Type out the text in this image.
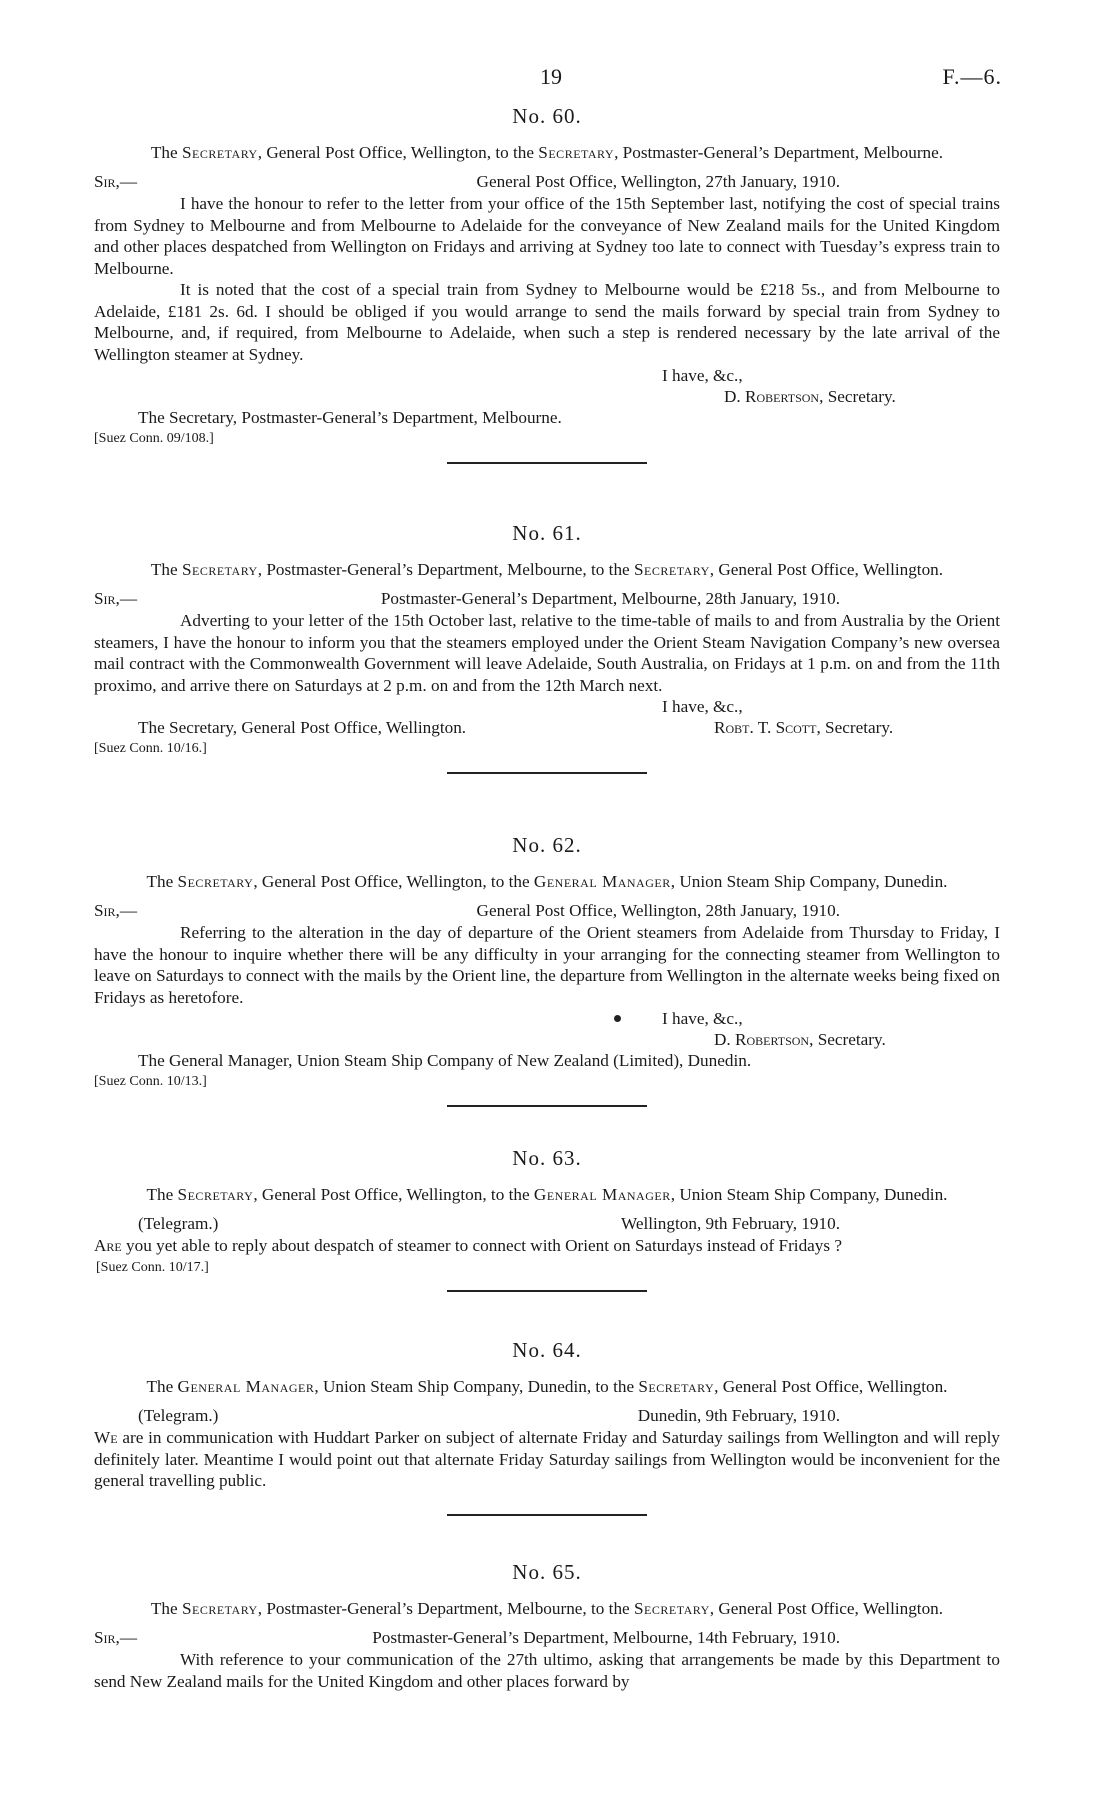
19	F.—6.
No. 60.

The Secretary, General Post Office, Wellington, to the Secretary, Postmaster-General’s Department, Melbourne.

Sir,—	General Post Office, Wellington, 27th January, 1910.

I have the honour to refer to the letter from your office of the 15th September last, notifying the cost of special trains from Sydney to Melbourne and from Melbourne to Adelaide for the conveyance of New Zealand mails for the United Kingdom and other places despatched from Wellington on Fridays and arriving at Sydney too late to connect with Tuesday’s express train to Melbourne.

It is noted that the cost of a special train from Sydney to Melbourne would be £218 5s., and from Melbourne to Adelaide, £181 2s. 6d. I should be obliged if you would arrange to send the mails forward by special train from Sydney to Melbourne, and, if required, from Melbourne to Adelaide, when such a step is rendered necessary by the late arrival of the Wellington steamer at Sydney.

I have, &c.,
D. Robertson, Secretary.
The Secretary, Postmaster-General’s Department, Melbourne.

[Suez Conn. 09/108.]

No. 61.

The Secretary, Postmaster-General’s Department, Melbourne, to the Secretary, General Post Office, Wellington.

Sir,—	Postmaster-General’s Department, Melbourne, 28th January, 1910.

Adverting to your letter of the 15th October last, relative to the time-table of mails to and from Australia by the Orient steamers, I have the honour to inform you that the steamers employed under the Orient Steam Navigation Company’s new oversea mail contract with the Commonwealth Government will leave Adelaide, South Australia, on Fridays at 1 p.m. on and from the 11th proximo, and arrive there on Saturdays at 2 p.m. on and from the 12th March next.

I have, &c.,
The Secretary, General Post Office, Wellington.	Robt. T. Scott, Secretary.

[Suez Conn. 10/16.]

No. 62.

The Secretary, General Post Office, Wellington, to the General Manager, Union Steam Ship Company, Dunedin.

Sir,—	General Post Office, Wellington, 28th January, 1910.

Referring to the alteration in the day of departure of the Orient steamers from Adelaide from Thursday to Friday, I have the honour to inquire whether there will be any difficulty in your arranging for the connecting steamer from Wellington to leave on Saturdays to connect with the mails by the Orient line, the departure from Wellington in the alternate weeks being fixed on Fridays as heretofore.

I have, &c.,
D. Robertson, Secretary.
The General Manager, Union Steam Ship Company of New Zealand (Limited), Dunedin.

[Suez Conn. 10/13.]

No. 63.

The Secretary, General Post Office, Wellington, to the General Manager, Union Steam Ship Company, Dunedin.

(Telegram.)	Wellington, 9th February, 1910.

Are you yet able to reply about despatch of steamer to connect with Orient on Saturdays instead of Fridays ?

[Suez Conn. 10/17.]

No. 64.

The General Manager, Union Steam Ship Company, Dunedin, to the Secretary, General Post Office, Wellington.

(Telegram.)	Dunedin, 9th February, 1910.

We are in communication with Huddart Parker on subject of alternate Friday and Saturday sailings from Wellington and will reply definitely later. Meantime I would point out that alternate Friday Saturday sailings from Wellington would be inconvenient for the general travelling public.

No. 65.

The Secretary, Postmaster-General’s Department, Melbourne, to the Secretary, General Post Office, Wellington.

Sir,—	Postmaster-General’s Department, Melbourne, 14th February, 1910.

With reference to your communication of the 27th ultimo, asking that arrangements be made by this Department to send New Zealand mails for the United Kingdom and other places forward by
